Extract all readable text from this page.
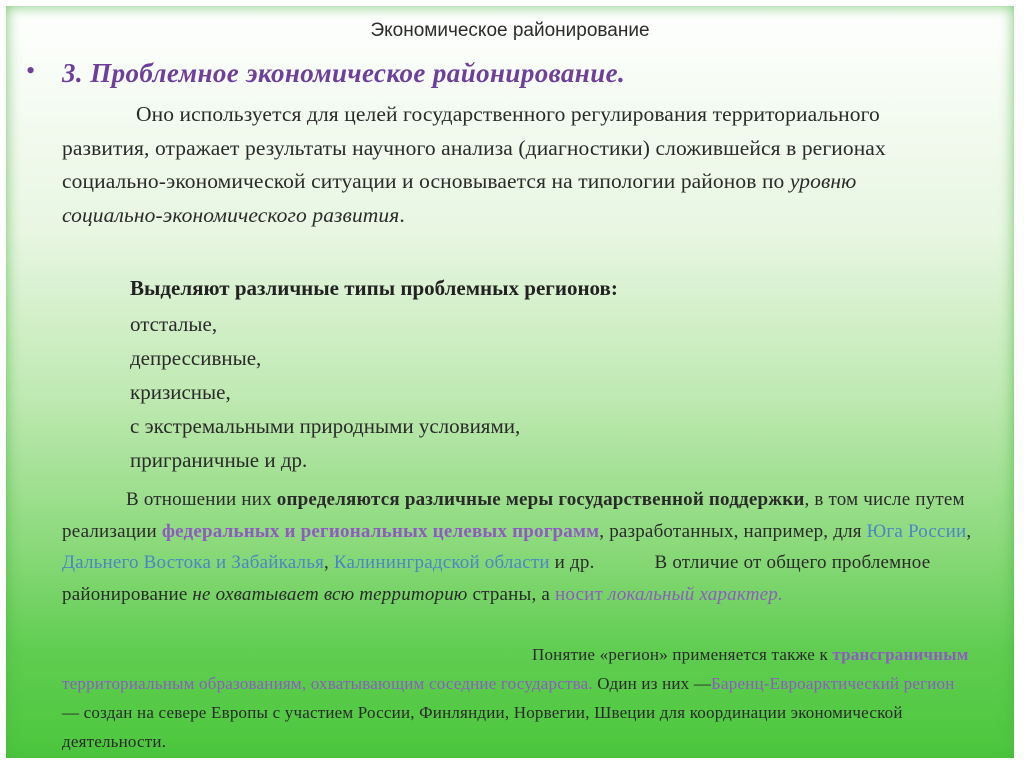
Экономическое районирование
• 3. Проблемное экономическое районирование.
Оно используется для целей государственного регулирования территориального развития, отражает результаты научного анализа (диагностики) сложившейся в регионах социально-экономической ситуации и основывается на типологии районов по уровню социально-экономического развития.
Выделяют различные типы проблемных регионов:
отсталые,
депрессивные,
кризисные,
с экстремальными природными условиями,
приграничные и др.
В отношении них определяются различные меры государственной поддержки, в том числе путем реализации федеральных и региональных целевых программ, разработанных, например, для Юга России, Дальнего Востока и Забайкалья, Калининградской области и др.	В отличие от общего проблемное районирование не охватывает всю территорию страны, а носит локальный характер.
Понятие «регион» применяется также к трансграничным территориальным образованиям, охватывающим соседние государства. Один из них —Баренц-Евроарктический регион — создан на севере Европы с участием России, Финляндии, Норвегии, Швеции для координации экономической деятельности.
